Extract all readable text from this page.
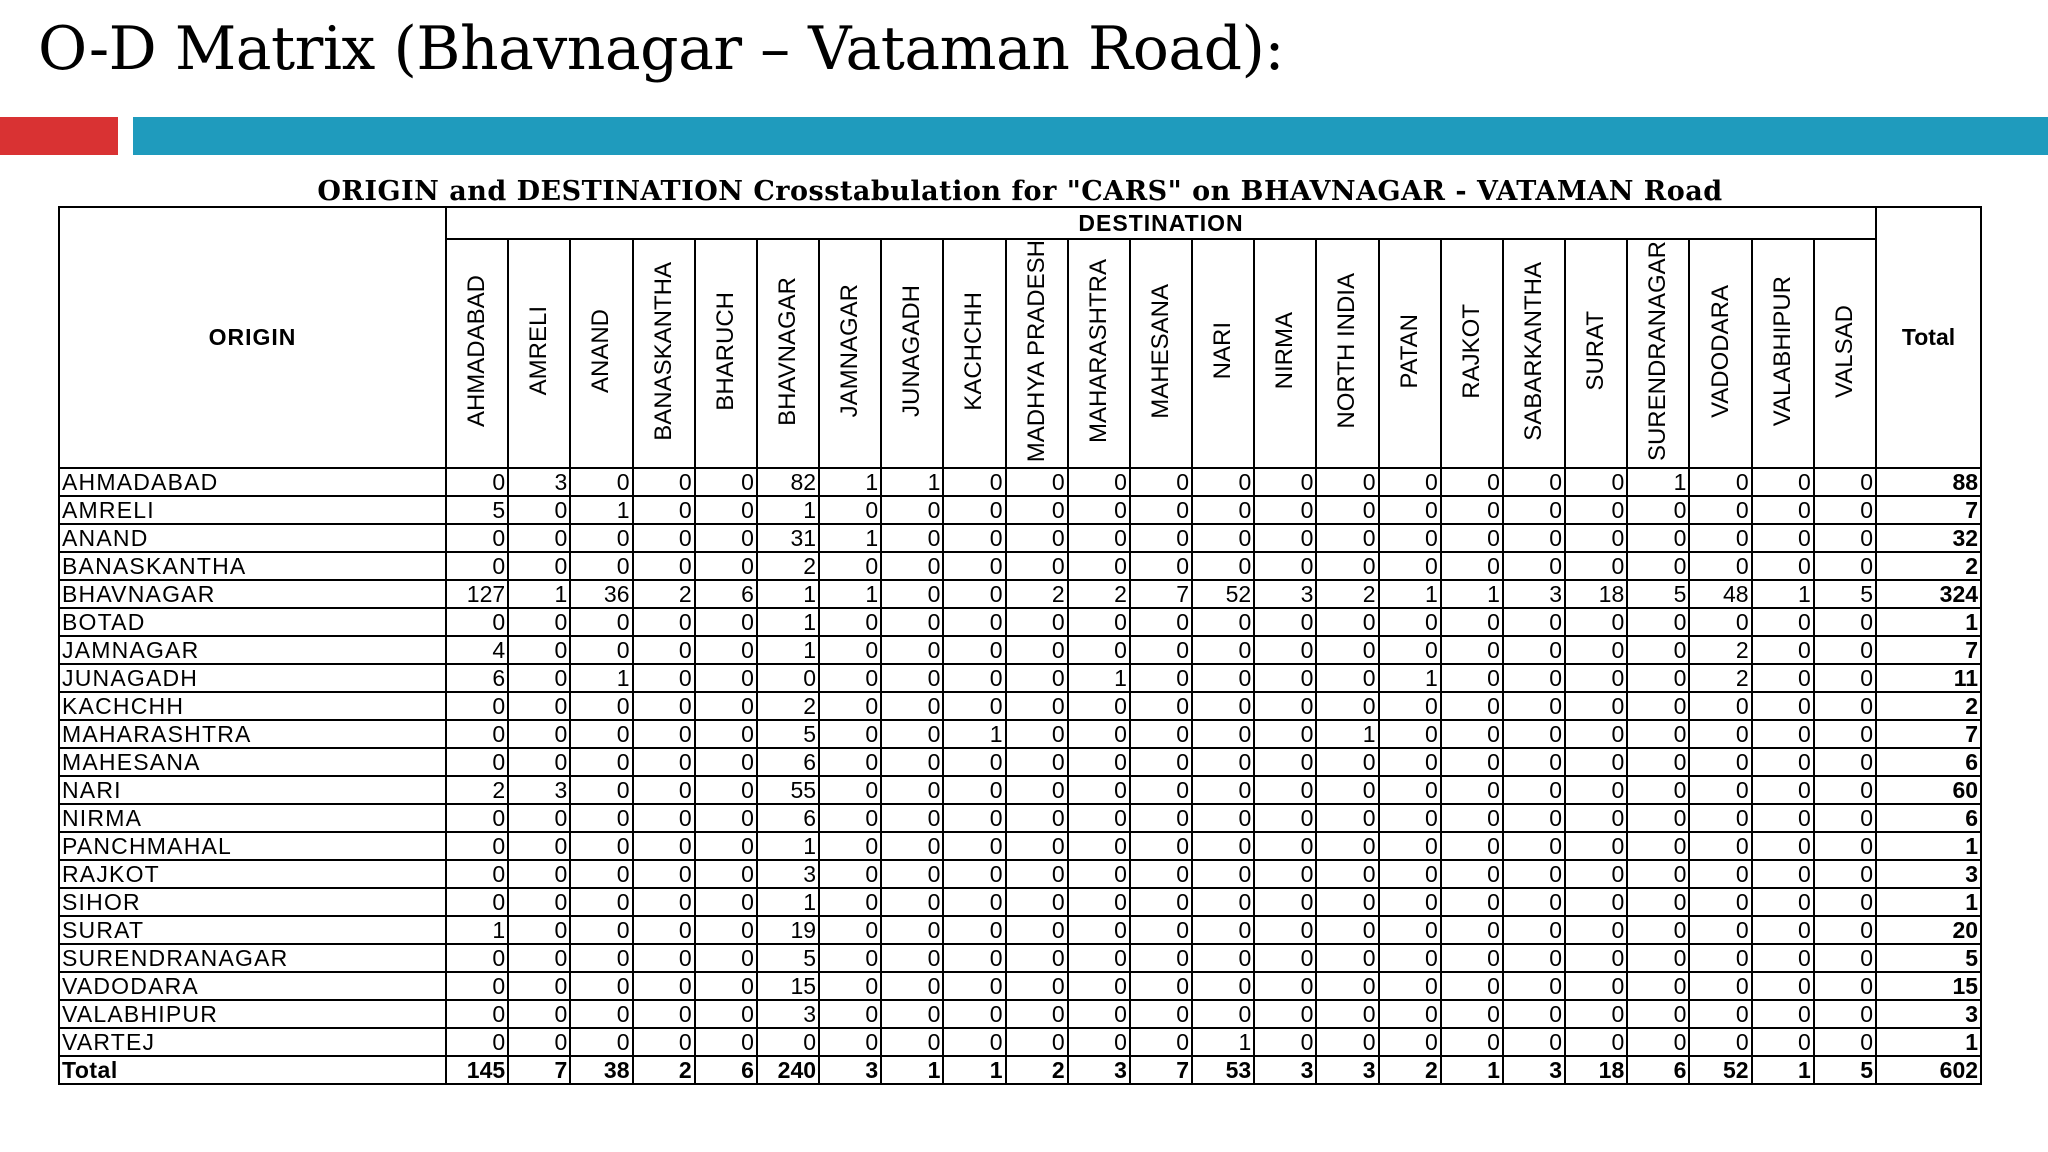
O-D Matrix (Bhavnagar – Vataman Road):
ORIGIN and DESTINATION Crosstabulation for "CARS" on BHAVNAGAR - VATAMAN Road
ORIGIN	DESTINATION																							Total
	AHMADABAD	AMRELI	ANAND	BANASKANTHA	BHARUCH	BHAVNAGAR	JAMNAGAR	JUNAGADH	KACHCHH	MADHYA PRADESH	MAHARASHTRA	MAHESANA	NARI	NIRMA	NORTH INDIA	PATAN	RAJKOT	SABARKANTHA	SURAT	SURENDRANAGAR	VADODARA	VALABHIPUR	VALSAD	
AHMADABAD	0	3	0	0	0	82	1	1	0	0	0	0	0	0	0	0	0	0	0	1	0	0	0	88
AMRELI	5	0	1	0	0	1	0	0	0	0	0	0	0	0	0	0	0	0	0	0	0	0	0	7
ANAND	0	0	0	0	0	31	1	0	0	0	0	0	0	0	0	0	0	0	0	0	0	0	0	32
BANASKANTHA	0	0	0	0	0	2	0	0	0	0	0	0	0	0	0	0	0	0	0	0	0	0	0	2
BHAVNAGAR	127	1	36	2	6	1	1	0	0	2	2	7	52	3	2	1	1	3	18	5	48	1	5	324
BOTAD	0	0	0	0	0	1	0	0	0	0	0	0	0	0	0	0	0	0	0	0	0	0	0	1
JAMNAGAR	4	0	0	0	0	1	0	0	0	0	0	0	0	0	0	0	0	0	0	0	2	0	0	7
JUNAGADH	6	0	1	0	0	0	0	0	0	0	1	0	0	0	0	1	0	0	0	0	2	0	0	11
KACHCHH	0	0	0	0	0	2	0	0	0	0	0	0	0	0	0	0	0	0	0	0	0	0	0	2
MAHARASHTRA	0	0	0	0	0	5	0	0	1	0	0	0	0	0	1	0	0	0	0	0	0	0	0	7
MAHESANA	0	0	0	0	0	6	0	0	0	0	0	0	0	0	0	0	0	0	0	0	0	0	0	6
NARI	2	3	0	0	0	55	0	0	0	0	0	0	0	0	0	0	0	0	0	0	0	0	0	60
NIRMA	0	0	0	0	0	6	0	0	0	0	0	0	0	0	0	0	0	0	0	0	0	0	0	6
PANCHMAHAL	0	0	0	0	0	1	0	0	0	0	0	0	0	0	0	0	0	0	0	0	0	0	0	1
RAJKOT	0	0	0	0	0	3	0	0	0	0	0	0	0	0	0	0	0	0	0	0	0	0	0	3
SIHOR	0	0	0	0	0	1	0	0	0	0	0	0	0	0	0	0	0	0	0	0	0	0	0	1
SURAT	1	0	0	0	0	19	0	0	0	0	0	0	0	0	0	0	0	0	0	0	0	0	0	20
SURENDRANAGAR	0	0	0	0	0	5	0	0	0	0	0	0	0	0	0	0	0	0	0	0	0	0	0	5
VADODARA	0	0	0	0	0	15	0	0	0	0	0	0	0	0	0	0	0	0	0	0	0	0	0	15
VALABHIPUR	0	0	0	0	0	3	0	0	0	0	0	0	0	0	0	0	0	0	0	0	0	0	0	3
VARTEJ	0	0	0	0	0	0	0	0	0	0	0	0	1	0	0	0	0	0	0	0	0	0	0	1
Total	145	7	38	2	6	240	3	1	1	2	3	7	53	3	3	2	1	3	18	6	52	1	5	602
